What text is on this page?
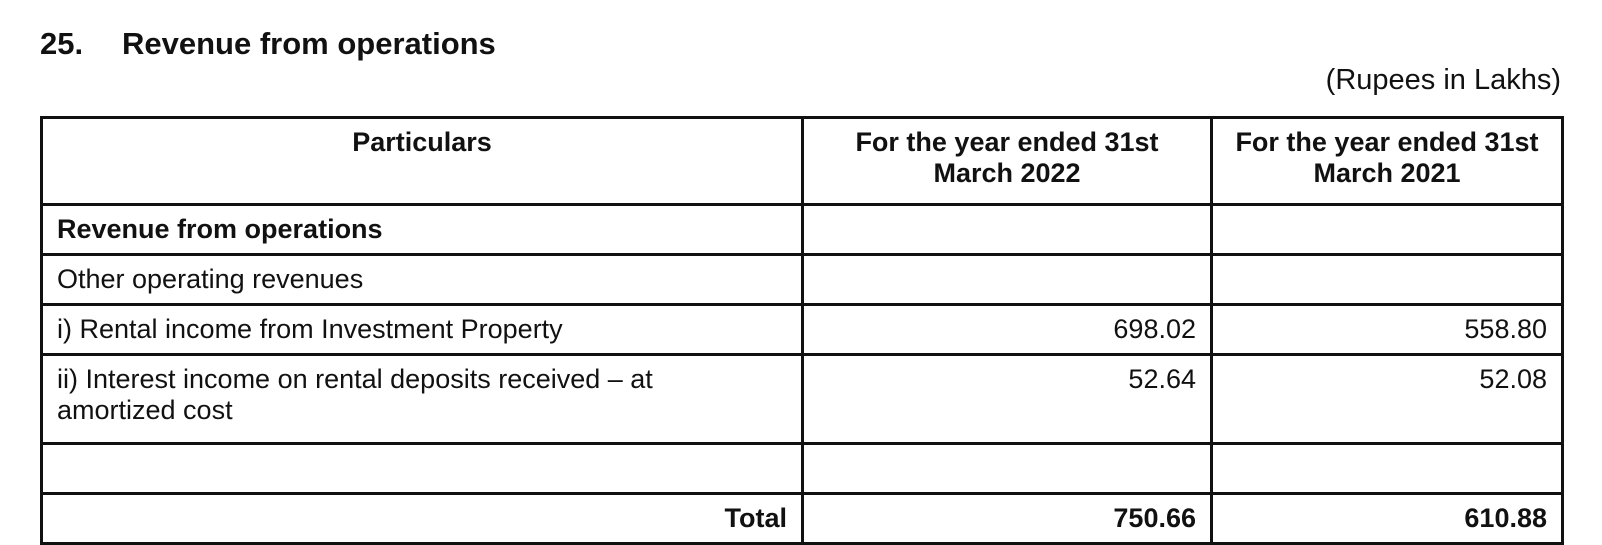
25. Revenue from operations
(Rupees in Lakhs)
Particulars	For the year ended 31st March 2022	For the year ended 31st March 2021
Revenue from operations		
Other operating revenues		
i) Rental income from Investment Property	698.02	558.80
ii) Interest income on rental deposits received – at amortized cost	52.64	52.08

Total	750.66	610.88
